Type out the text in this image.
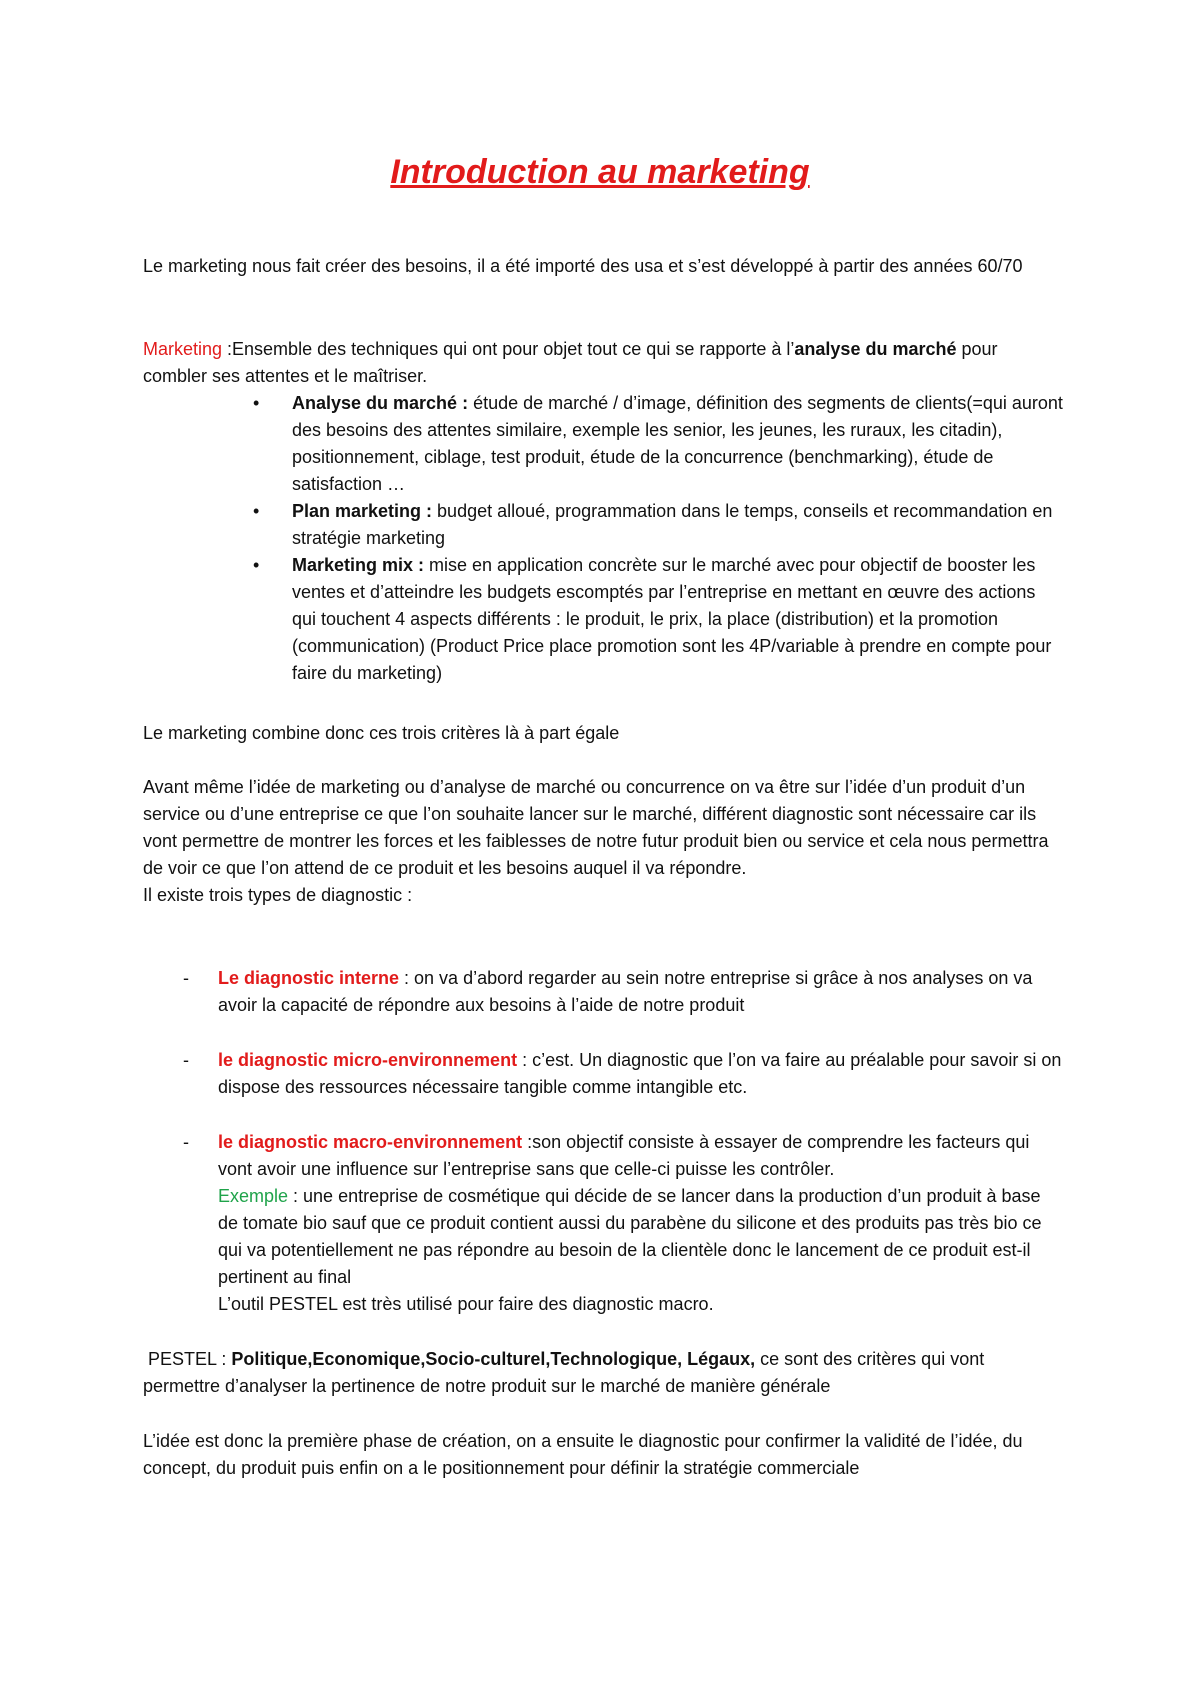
Introduction au marketing

Le marketing nous fait créer des besoins, il a été importé des usa et s’est développé à partir des années 60/70

Marketing :Ensemble des techniques qui ont pour objet tout ce qui se rapporte à l’analyse du marché pour combler ses attentes et le maîtriser.

• Analyse du marché : étude de marché / d’image, définition des segments de clients(=qui auront des besoins des attentes similaire, exemple les senior, les jeunes, les ruraux, les citadin), positionnement, ciblage, test produit, étude de la concurrence (benchmarking), étude de satisfaction …
• Plan marketing : budget alloué, programmation dans le temps, conseils et recommandation en stratégie marketing
• Marketing mix : mise en application concrète sur le marché avec pour objectif de booster les ventes et d’atteindre les budgets escomptés par l’entreprise en mettant en œuvre des actions qui touchent 4 aspects différents : le produit, le prix, la place (distribution) et la promotion (communication) (Product Price place promotion sont les 4P/variable à prendre en compte pour faire du marketing)

Le marketing combine donc ces trois critères là à part égale

Avant même l’idée de marketing ou d’analyse de marché ou concurrence on va être sur l’idée d’un produit d’un service ou d’une entreprise ce que l’on souhaite lancer sur le marché, différent diagnostic sont nécessaire car ils vont permettre de montrer les forces et les faiblesses de notre futur produit bien ou service et cela nous permettra de voir ce que l’on attend de ce produit et les besoins auquel il va répondre.

Il existe trois types de diagnostic :

- Le diagnostic interne : on va d’abord regarder au sein notre entreprise si grâce à nos analyses on va avoir la capacité de répondre aux besoins à l’aide de notre produit
- le diagnostic micro-environnement : c’est. Un diagnostic que l’on va faire au préalable pour savoir si on dispose des ressources nécessaire tangible comme intangible etc.
- le diagnostic macro-environnement :son objectif consiste à essayer de comprendre les facteurs qui vont avoir une influence sur l’entreprise sans que celle-ci puisse les contrôler.
Exemple : une entreprise de cosmétique qui décide de se lancer dans la production d’un produit à base de tomate bio sauf que ce produit contient aussi du parabène du silicone et des produits pas très bio ce qui va potentiellement ne pas répondre au besoin de la clientèle donc le lancement de ce produit est-il pertinent au final
L’outil PESTEL est très utilisé pour faire des diagnostic macro.

PESTEL : Politique,Economique,Socio-culturel,Technologique, Légaux, ce sont des critères qui vont permettre d’analyser la pertinence de notre produit sur le marché de manière générale

L’idée est donc la première phase de création, on a ensuite le diagnostic pour confirmer la validité de l’idée, du concept, du produit puis enfin on a le positionnement pour définir la stratégie commerciale
